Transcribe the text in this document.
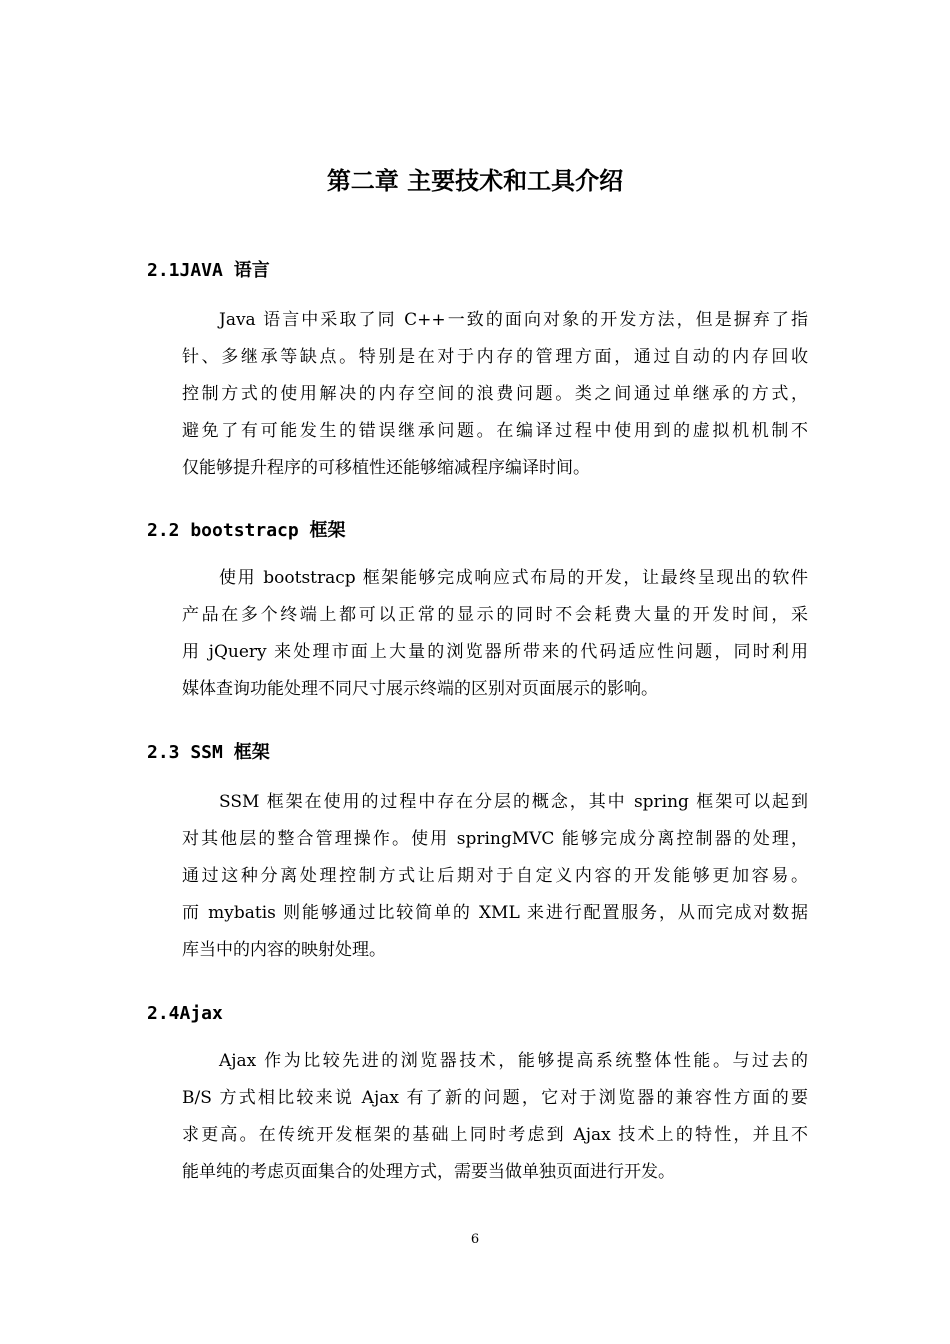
第二章 主要技术和工具介绍
2.1JAVA 语言
Java 语言中采取了同 C++一致的面向对象的开发方法，但是摒弃了指
针、多继承等缺点。特别是在对于内存的管理方面，通过自动的内存回收
控制方式的使用解决的内存空间的浪费问题。类之间通过单继承的方式，
避免了有可能发生的错误继承问题。在编译过程中使用到的虚拟机机制不
仅能够提升程序的可移植性还能够缩减程序编译时间。
2.2 bootstracp 框架
使用 bootstracp 框架能够完成响应式布局的开发，让最终呈现出的软件
产品在多个终端上都可以正常的显示的同时不会耗费大量的开发时间，采
用 jQuery 来处理市面上大量的浏览器所带来的代码适应性问题，同时利用
媒体查询功能处理不同尺寸展示终端的区别对页面展示的影响。
2.3 SSM 框架
SSM 框架在使用的过程中存在分层的概念，其中 spring 框架可以起到
对其他层的整合管理操作。使用 springMVC 能够完成分离控制器的处理，
通过这种分离处理控制方式让后期对于自定义内容的开发能够更加容易。
而 mybatis 则能够通过比较简单的 XML 来进行配置服务，从而完成对数据
库当中的内容的映射处理。
2.4Ajax
Ajax 作为比较先进的浏览器技术，能够提高系统整体性能。与过去的
B/S 方式相比较来说 Ajax 有了新的问题，它对于浏览器的兼容性方面的要
求更高。在传统开发框架的基础上同时考虑到 Ajax 技术上的特性，并且不
能单纯的考虑页面集合的处理方式，需要当做单独页面进行开发。
6
